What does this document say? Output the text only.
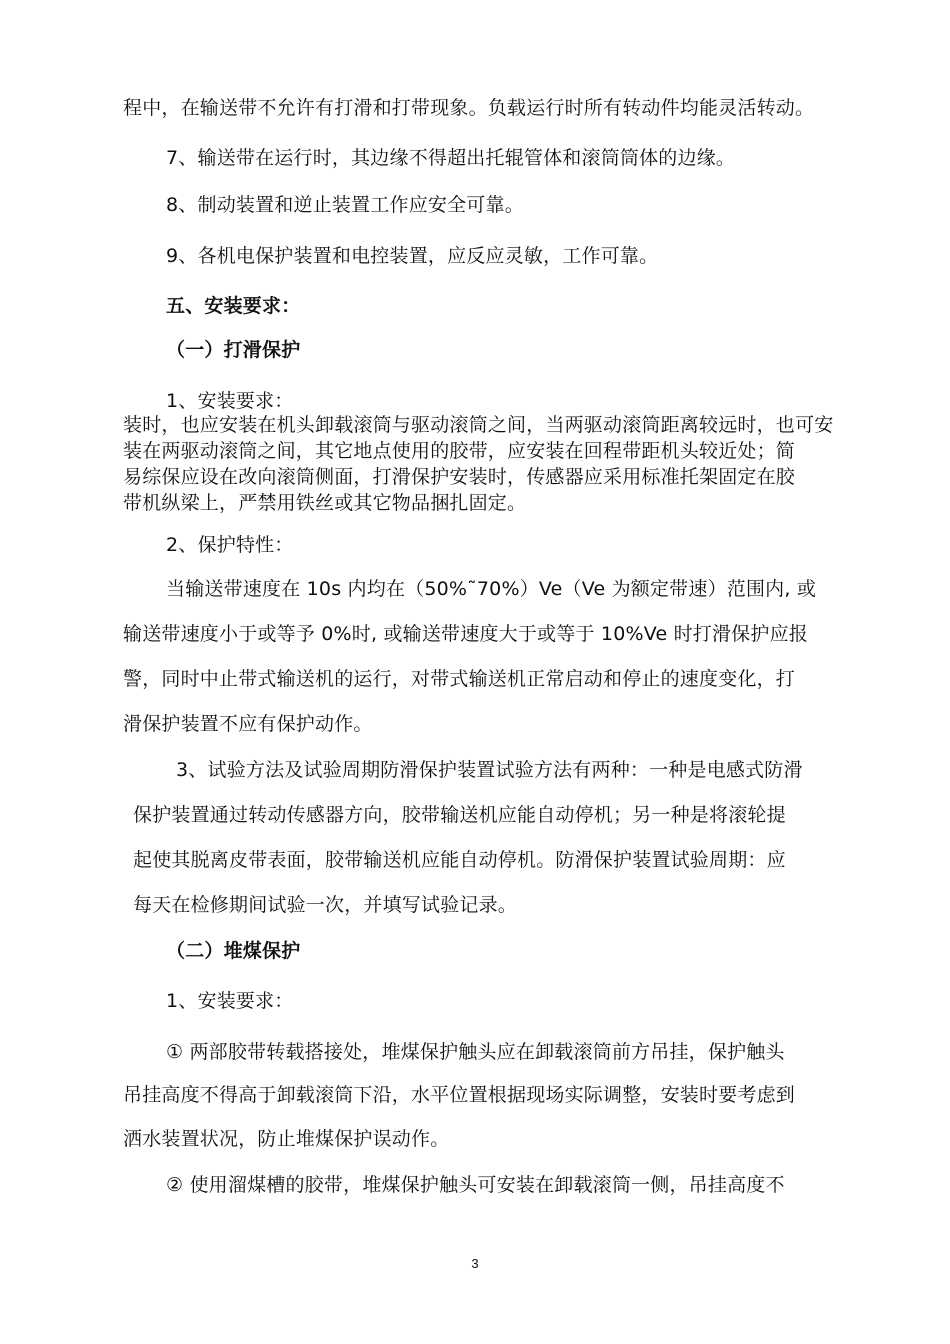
程中，在输送带不允许有打滑和打带现象。负载运行时所有转动件均能灵活转动。
7、输送带在运行时，其边缘不得超出托辊管体和滚筒筒体的边缘。
8、制动装置和逆止装置工作应安全可靠。
9、各机电保护装置和电控装置，应反应灵敏，工作可靠。
五、安装要求：
（一）打滑保护
1、安装要求：
装时，也应安装在机头卸载滚筒与驱动滚筒之间，当两驱动滚筒距离较远时，也可安
装在两驱动滚筒之间，其它地点使用的胶带，应安装在回程带距机头较近处；简
易综保应设在改向滚筒侧面，打滑保护安装时，传感器应采用标准托架固定在胶
带机纵梁上，严禁用铁丝或其它物品捆扎固定。
2、保护特性：
当输送带速度在 10s 内均在（50%˜70%）Ve（Ve 为额定带速）范围内, 或
输送带速度小于或等予 0%时, 或输送带速度大于或等于 10%Ve 时打滑保护应报
警，同时中止带式输送机的运行，对带式输送机正常启动和停止的速度变化，打
滑保护装置不应有保护动作。
3、试验方法及试验周期防滑保护装置试验方法有两种：一种是电感式防滑
保护装置通过转动传感器方向，胶带输送机应能自动停机；另一种是将滚轮提
起使其脱离皮带表面，胶带输送机应能自动停机。防滑保护装置试验周期：应
每天在检修期间试验一次，并填写试验记录。
（二）堆煤保护
1、安装要求：
① 两部胶带转载搭接处，堆煤保护触头应在卸载滚筒前方吊挂，保护触头
吊挂高度不得高于卸载滚筒下沿，水平位置根据现场实际调整，安装时要考虑到
洒水装置状况，防止堆煤保护误动作。
② 使用溜煤槽的胶带，堆煤保护触头可安装在卸载滚筒一侧，吊挂高度不
3
